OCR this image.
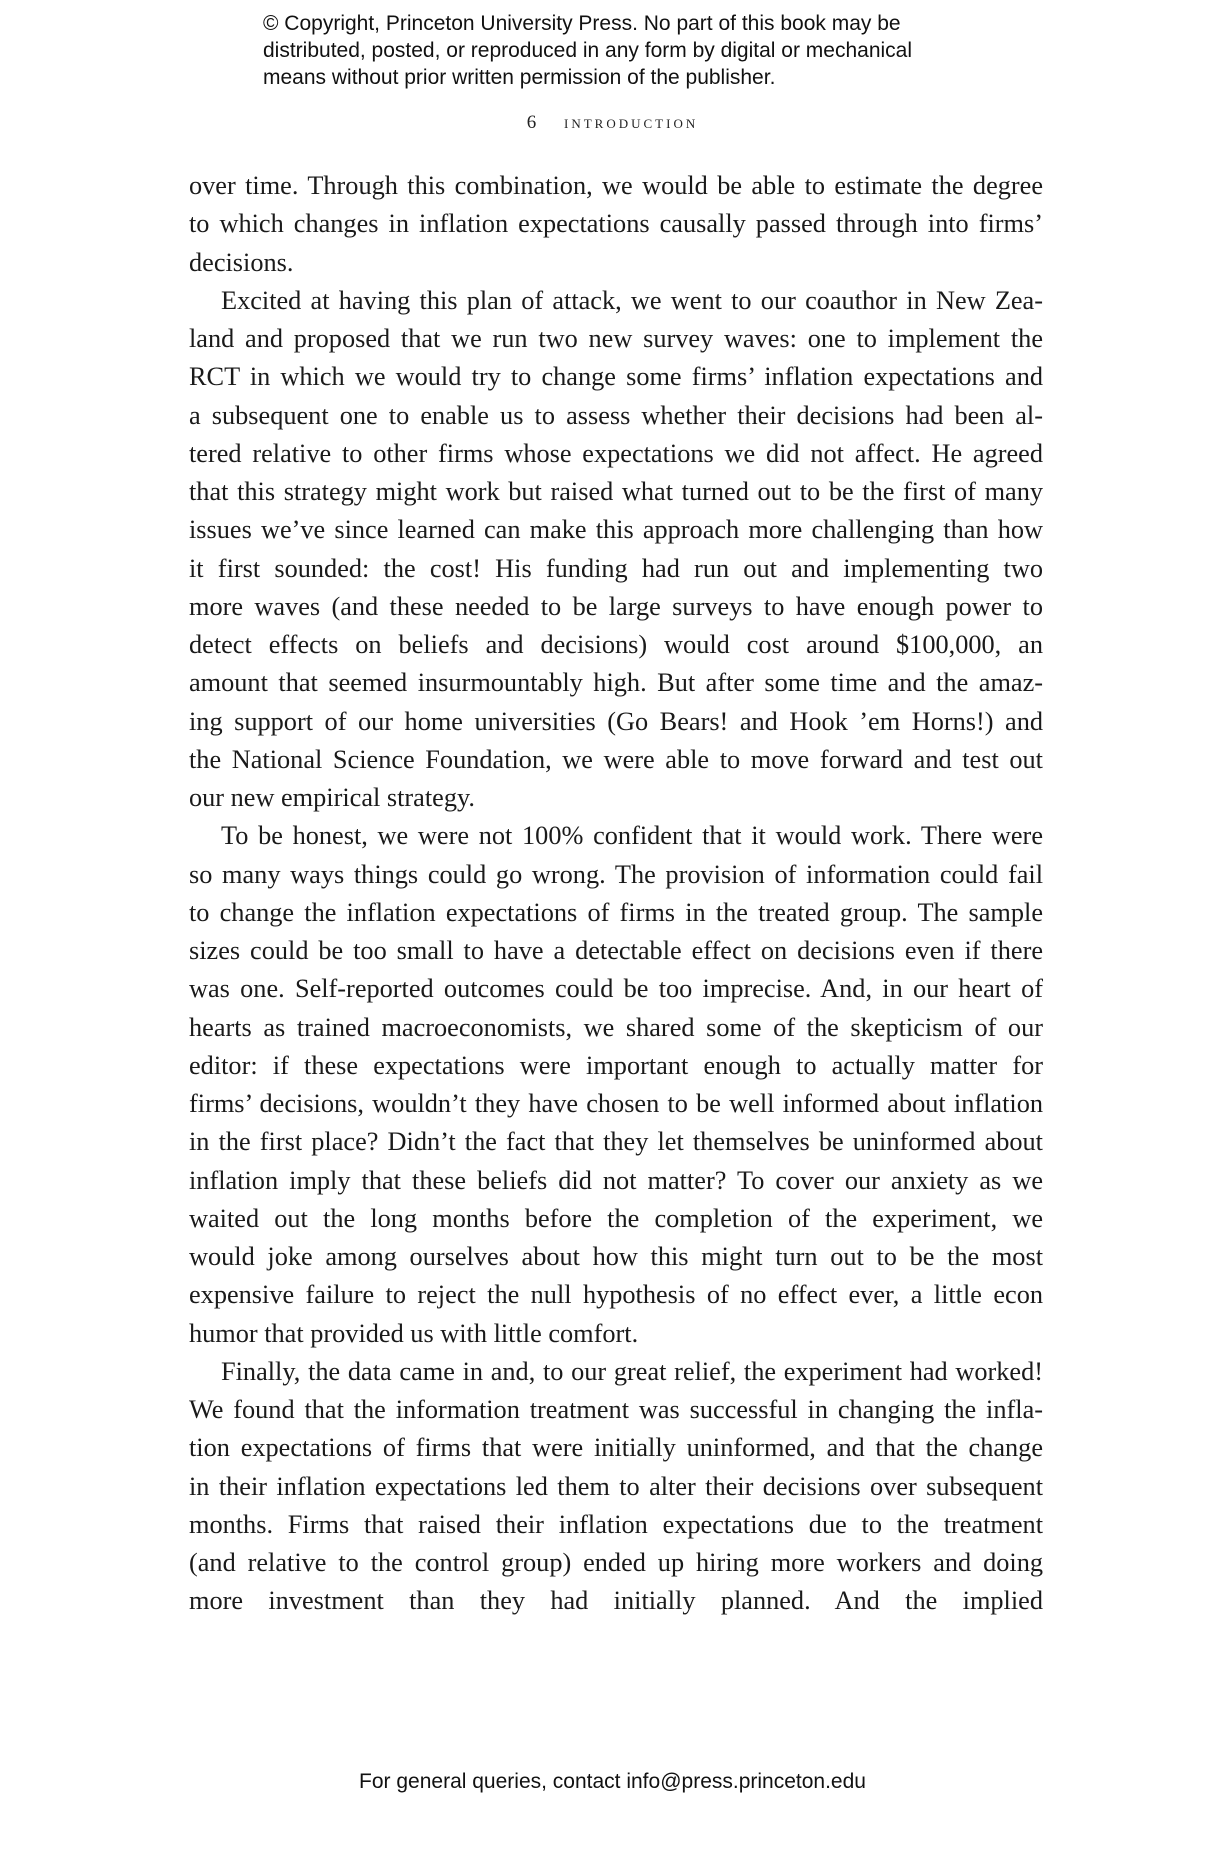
© Copyright, Princeton University Press. No part of this book may be
distributed, posted, or reproduced in any form by digital or mechanical
means without prior written permission of the publisher.
6 introduction
over time. Through this combination, we would be able to estimate the degree
to which changes in inflation expectations causally passed through into firms’
decisions.
Excited at having this plan of attack, we went to our coauthor in New Zea-
land and proposed that we run two new survey waves: one to implement the
RCT in which we would try to change some firms’ inflation expectations and
a subsequent one to enable us to assess whether their decisions had been al-
tered relative to other firms whose expectations we did not affect. He agreed
that this strategy might work but raised what turned out to be the first of many
issues we’ve since learned can make this approach more challenging than how
it first sounded: the cost! His funding had run out and implementing two
more waves (and these needed to be large surveys to have enough power to
detect effects on beliefs and decisions) would cost around $100,000, an
amount that seemed insurmountably high. But after some time and the amaz-
ing support of our home universities (Go Bears! and Hook ’em Horns!) and
the National Science Foundation, we were able to move forward and test out
our new empirical strategy.
To be honest, we were not 100% confident that it would work. There were
so many ways things could go wrong. The provision of information could fail
to change the inflation expectations of firms in the treated group. The sample
sizes could be too small to have a detectable effect on decisions even if there
was one. Self-reported outcomes could be too imprecise. And, in our heart of
hearts as trained macroeconomists, we shared some of the skepticism of our
editor: if these expectations were important enough to actually matter for
firms’ decisions, wouldn’t they have chosen to be well informed about inflation
in the first place? Didn’t the fact that they let themselves be uninformed about
inflation imply that these beliefs did not matter? To cover our anxiety as we
waited out the long months before the completion of the experiment, we
would joke among ourselves about how this might turn out to be the most
expensive failure to reject the null hypothesis of no effect ever, a little econ
humor that provided us with little comfort.
Finally, the data came in and, to our great relief, the experiment had worked!
We found that the information treatment was successful in changing the infla-
tion expectations of firms that were initially uninformed, and that the change
in their inflation expectations led them to alter their decisions over subsequent
months. Firms that raised their inflation expectations due to the treatment
(and relative to the control group) ended up hiring more workers and doing
more investment than they had initially planned. And the implied
For general queries, contact info@press.princeton.edu
